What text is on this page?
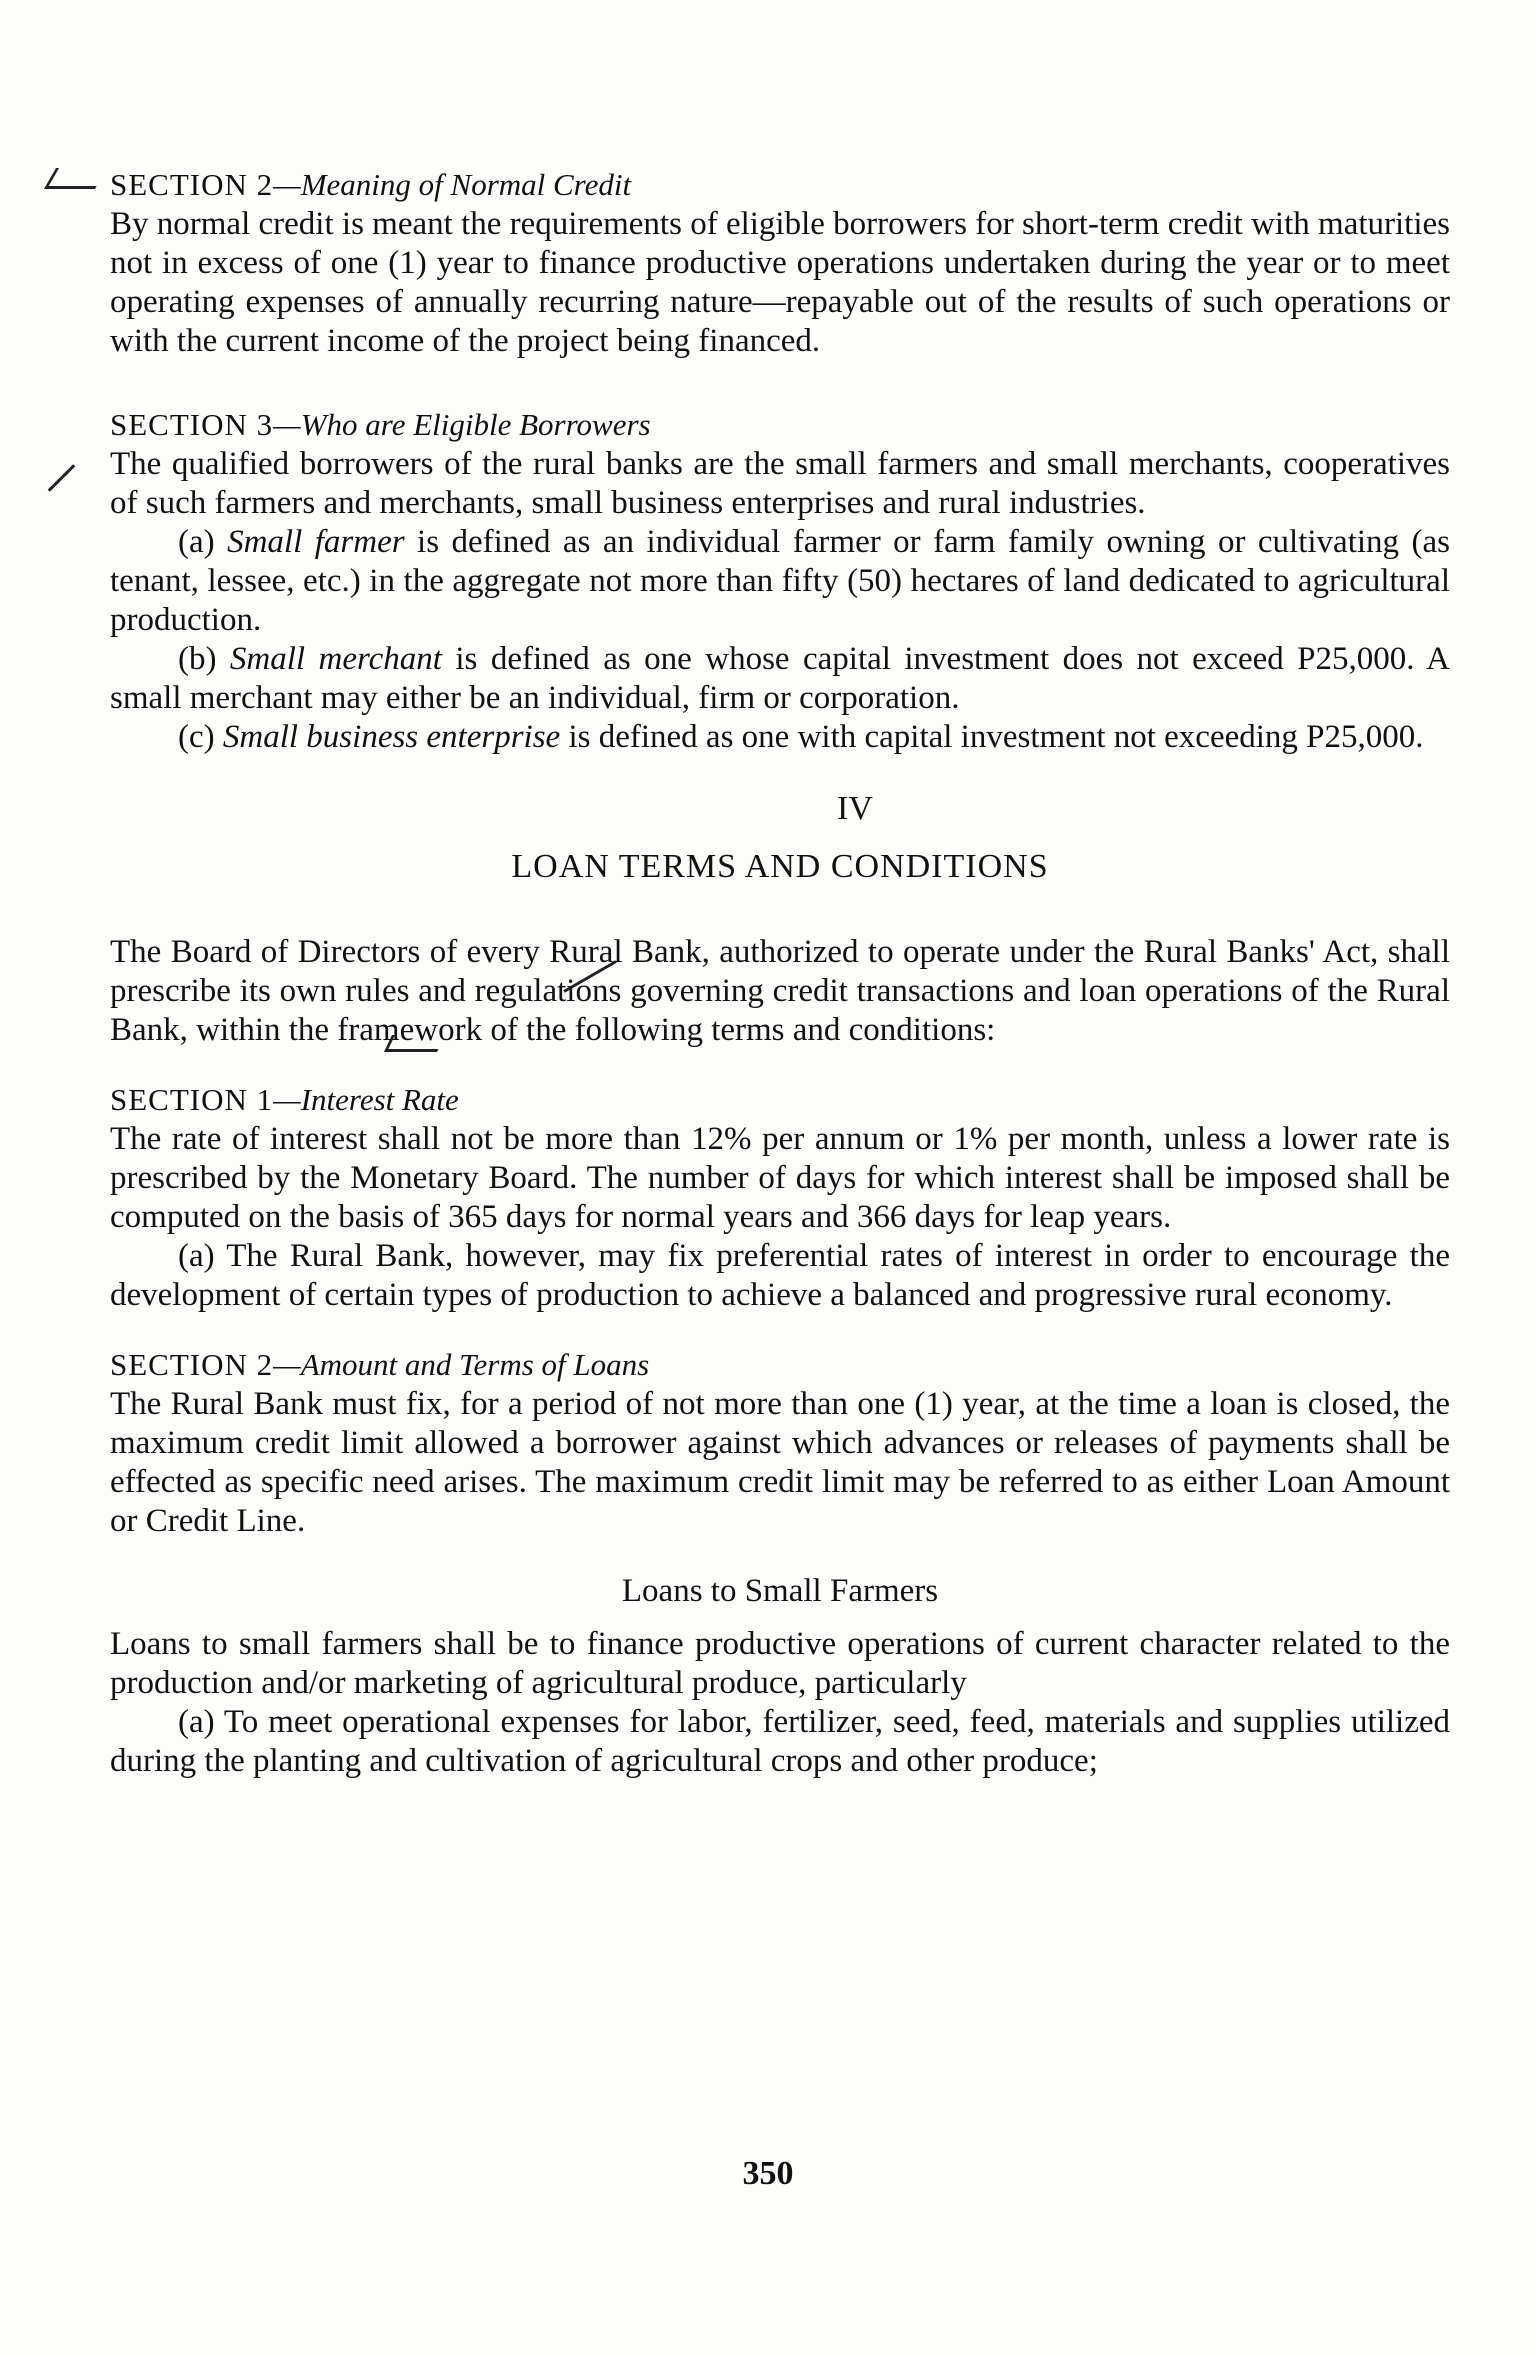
SECTION 2—Meaning of Normal Credit

By normal credit is meant the requirements of eligible borrowers for short-term credit with maturities not in excess of one (1) year to finance productive operations undertaken during the year or to meet operating expenses of annually recurring nature—repayable out of the results of such operations or with the current income of the project being financed.

SECTION 3—Who are Eligible Borrowers

The qualified borrowers of the rural banks are the small farmers and small merchants, cooperatives of such farmers and merchants, small business enterprises and rural industries.

(a) Small farmer is defined as an individual farmer or farm family owning or cultivating (as tenant, lessee, etc.) in the aggregate not more than fifty (50) hectares of land dedicated to agricultural production.

(b) Small merchant is defined as one whose capital investment does not exceed P25,000. A small merchant may either be an individual, firm or corporation.

(c) Small business enterprise is defined as one with capital investment not exceeding P25,000.

IV

LOAN TERMS AND CONDITIONS

The Board of Directors of every Rural Bank, authorized to operate under the Rural Banks' Act, shall prescribe its own rules and regulations governing credit transactions and loan operations of the Rural Bank, within the framework of the following terms and conditions:

SECTION 1—Interest Rate

The rate of interest shall not be more than 12% per annum or 1% per month, unless a lower rate is prescribed by the Monetary Board. The number of days for which interest shall be imposed shall be computed on the basis of 365 days for normal years and 366 days for leap years.

(a) The Rural Bank, however, may fix preferential rates of interest in order to encourage the development of certain types of production to achieve a balanced and progressive rural economy.

SECTION 2—Amount and Terms of Loans

The Rural Bank must fix, for a period of not more than one (1) year, at the time a loan is closed, the maximum credit limit allowed a borrower against which advances or releases of payments shall be effected as specific need arises. The maximum credit limit may be referred to as either Loan Amount or Credit Line.

Loans to Small Farmers

Loans to small farmers shall be to finance productive operations of current character related to the production and/or marketing of agricultural produce, particularly

(a) To meet operational expenses for labor, fertilizer, seed, feed, materials and supplies utilized during the planting and cultivation of agricultural crops and other produce;

350
